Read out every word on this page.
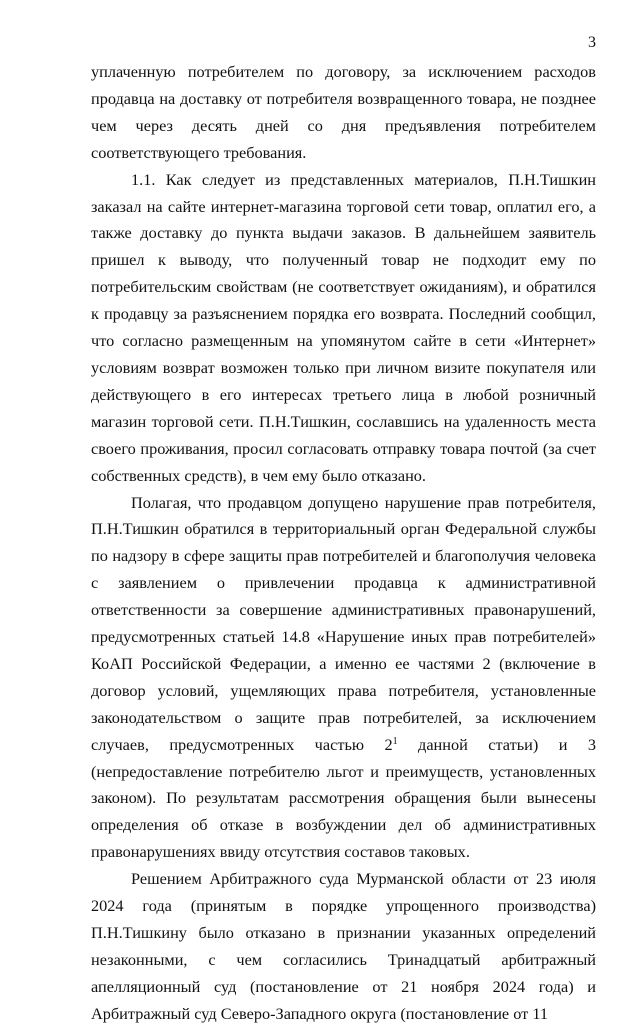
3

уплаченную потребителем по договору, за исключением расходов продавца на доставку от потребителя возвращенного товара, не позднее чем через десять дней со дня предъявления потребителем соответствующего требования.

1.1. Как следует из представленных материалов, П.Н.Тишкин заказал на сайте интернет-магазина торговой сети товар, оплатил его, а также доставку до пункта выдачи заказов. В дальнейшем заявитель пришел к выводу, что полученный товар не подходит ему по потребительским свойствам (не соответствует ожиданиям), и обратился к продавцу за разъяснением порядка его возврата. Последний сообщил, что согласно размещенным на упомянутом сайте в сети «Интернет» условиям возврат возможен только при личном визите покупателя или действующего в его интересах третьего лица в любой розничный магазин торговой сети. П.Н.Тишкин, сославшись на удаленность места своего проживания, просил согласовать отправку товара почтой (за счет собственных средств), в чем ему было отказано.

Полагая, что продавцом допущено нарушение прав потребителя, П.Н.Тишкин обратился в территориальный орган Федеральной службы по надзору в сфере защиты прав потребителей и благополучия человека с заявлением о привлечении продавца к административной ответственности за совершение административных правонарушений, предусмотренных статьей 14.8 «Нарушение иных прав потребителей» КоАП Российской Федерации, а именно ее частями 2 (включение в договор условий, ущемляющих права потребителя, установленные законодательством о защите прав потребителей, за исключением случаев, предусмотренных частью $2^1$ данной статьи) и 3 (непредоставление потребителю льгот и преимуществ, установленных законом). По результатам рассмотрения обращения были вынесены определения об отказе в возбуждении дел об административных правонарушениях ввиду отсутствия составов таковых.

Решением Арбитражного суда Мурманской области от 23 июля 2024 года (принятым в порядке упрощенного производства) П.Н.Тишкину было отказано в признании указанных определений незаконными, с чем согласились Тринадцатый арбитражный апелляционный суд (постановление от 21 ноября 2024 года) и Арбитражный суд Северо-Западного округа (постановление от 11
